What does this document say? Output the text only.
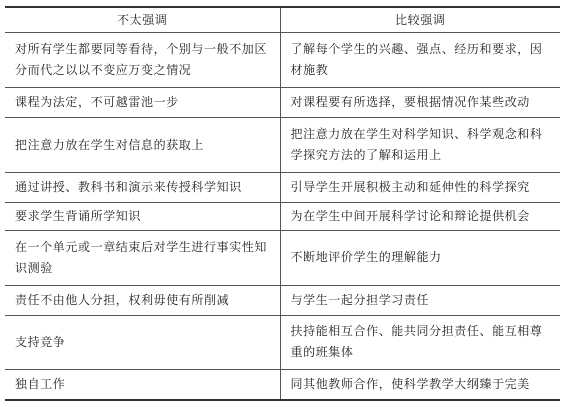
不太强调	比较强调
对所有学生都要同等看待，个别与一般不加区分而代之以以不变应万变之情况	了解每个学生的兴趣、强点、经历和要求，因材施教
课程为法定，不可越雷池一步	对课程要有所选择，要根据情况作某些改动
把注意力放在学生对信息的获取上	把注意力放在学生对科学知识、科学观念和科学探究方法的了解和运用上
通过讲授、教科书和演示来传授科学知识	引导学生开展积极主动和延伸性的科学探究
要求学生背诵所学知识	为在学生中间开展科学讨论和辩论提供机会
在一个单元或一章结束后对学生进行事实性知识测验	不断地评价学生的理解能力
责任不由他人分担，权利毋使有所削减	与学生一起分担学习责任
支持竞争	扶持能相互合作、能共同分担责任、能互相尊重的班集体
独自工作	同其他教师合作，使科学教学大纲臻于完美
